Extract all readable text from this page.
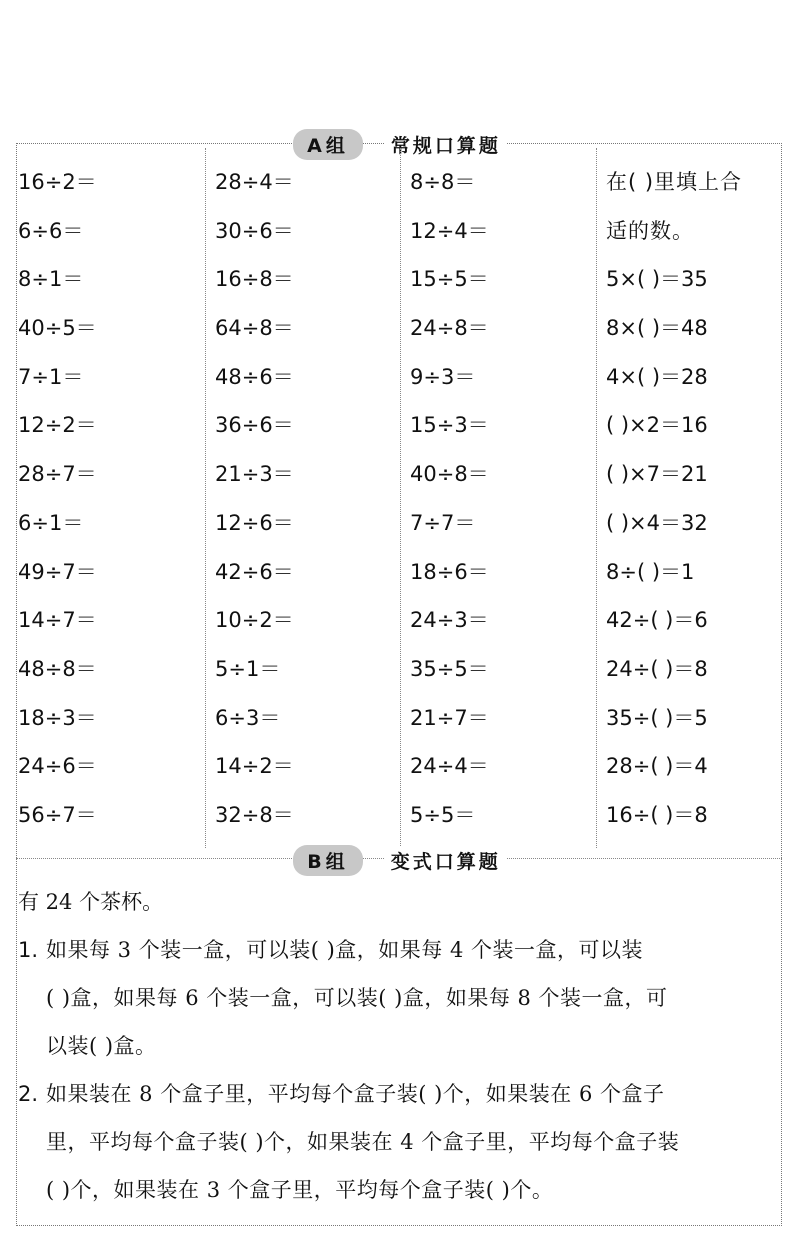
A组	常规口算题
16÷2＝
6÷6＝
8÷1＝
40÷5＝
7÷1＝
12÷2＝
28÷7＝
6÷1＝
49÷7＝
14÷7＝
48÷8＝
18÷3＝
24÷6＝
56÷7＝
28÷4＝
30÷6＝
16÷8＝
64÷8＝
48÷6＝
36÷6＝
21÷3＝
12÷6＝
42÷6＝
10÷2＝
5÷1＝
6÷3＝
14÷2＝
32÷8＝
8÷8＝
12÷4＝
15÷5＝
24÷8＝
9÷3＝
15÷3＝
40÷8＝
7÷7＝
18÷6＝
24÷3＝
35÷5＝
21÷7＝
24÷4＝
5÷5＝
在( )里填上合
适的数。
5×( )＝35
8×( )＝48
4×( )＝28
( )×2＝16
( )×7＝21
( )×4＝32
8÷( )＝1
42÷( )＝6
24÷( )＝8
35÷( )＝5
28÷( )＝4
16÷( )＝8
B组	变式口算题
有 24 个茶杯。
1. 如果每 3 个装一盒，可以装( )盒，如果每 4 个装一盒，可以装
( )盒，如果每 6 个装一盒，可以装( )盒，如果每 8 个装一盒，可
以装( )盒。
2. 如果装在 8 个盒子里，平均每个盒子装( )个，如果装在 6 个盒子
里，平均每个盒子装( )个，如果装在 4 个盒子里，平均每个盒子装
( )个，如果装在 3 个盒子里，平均每个盒子装( )个。
